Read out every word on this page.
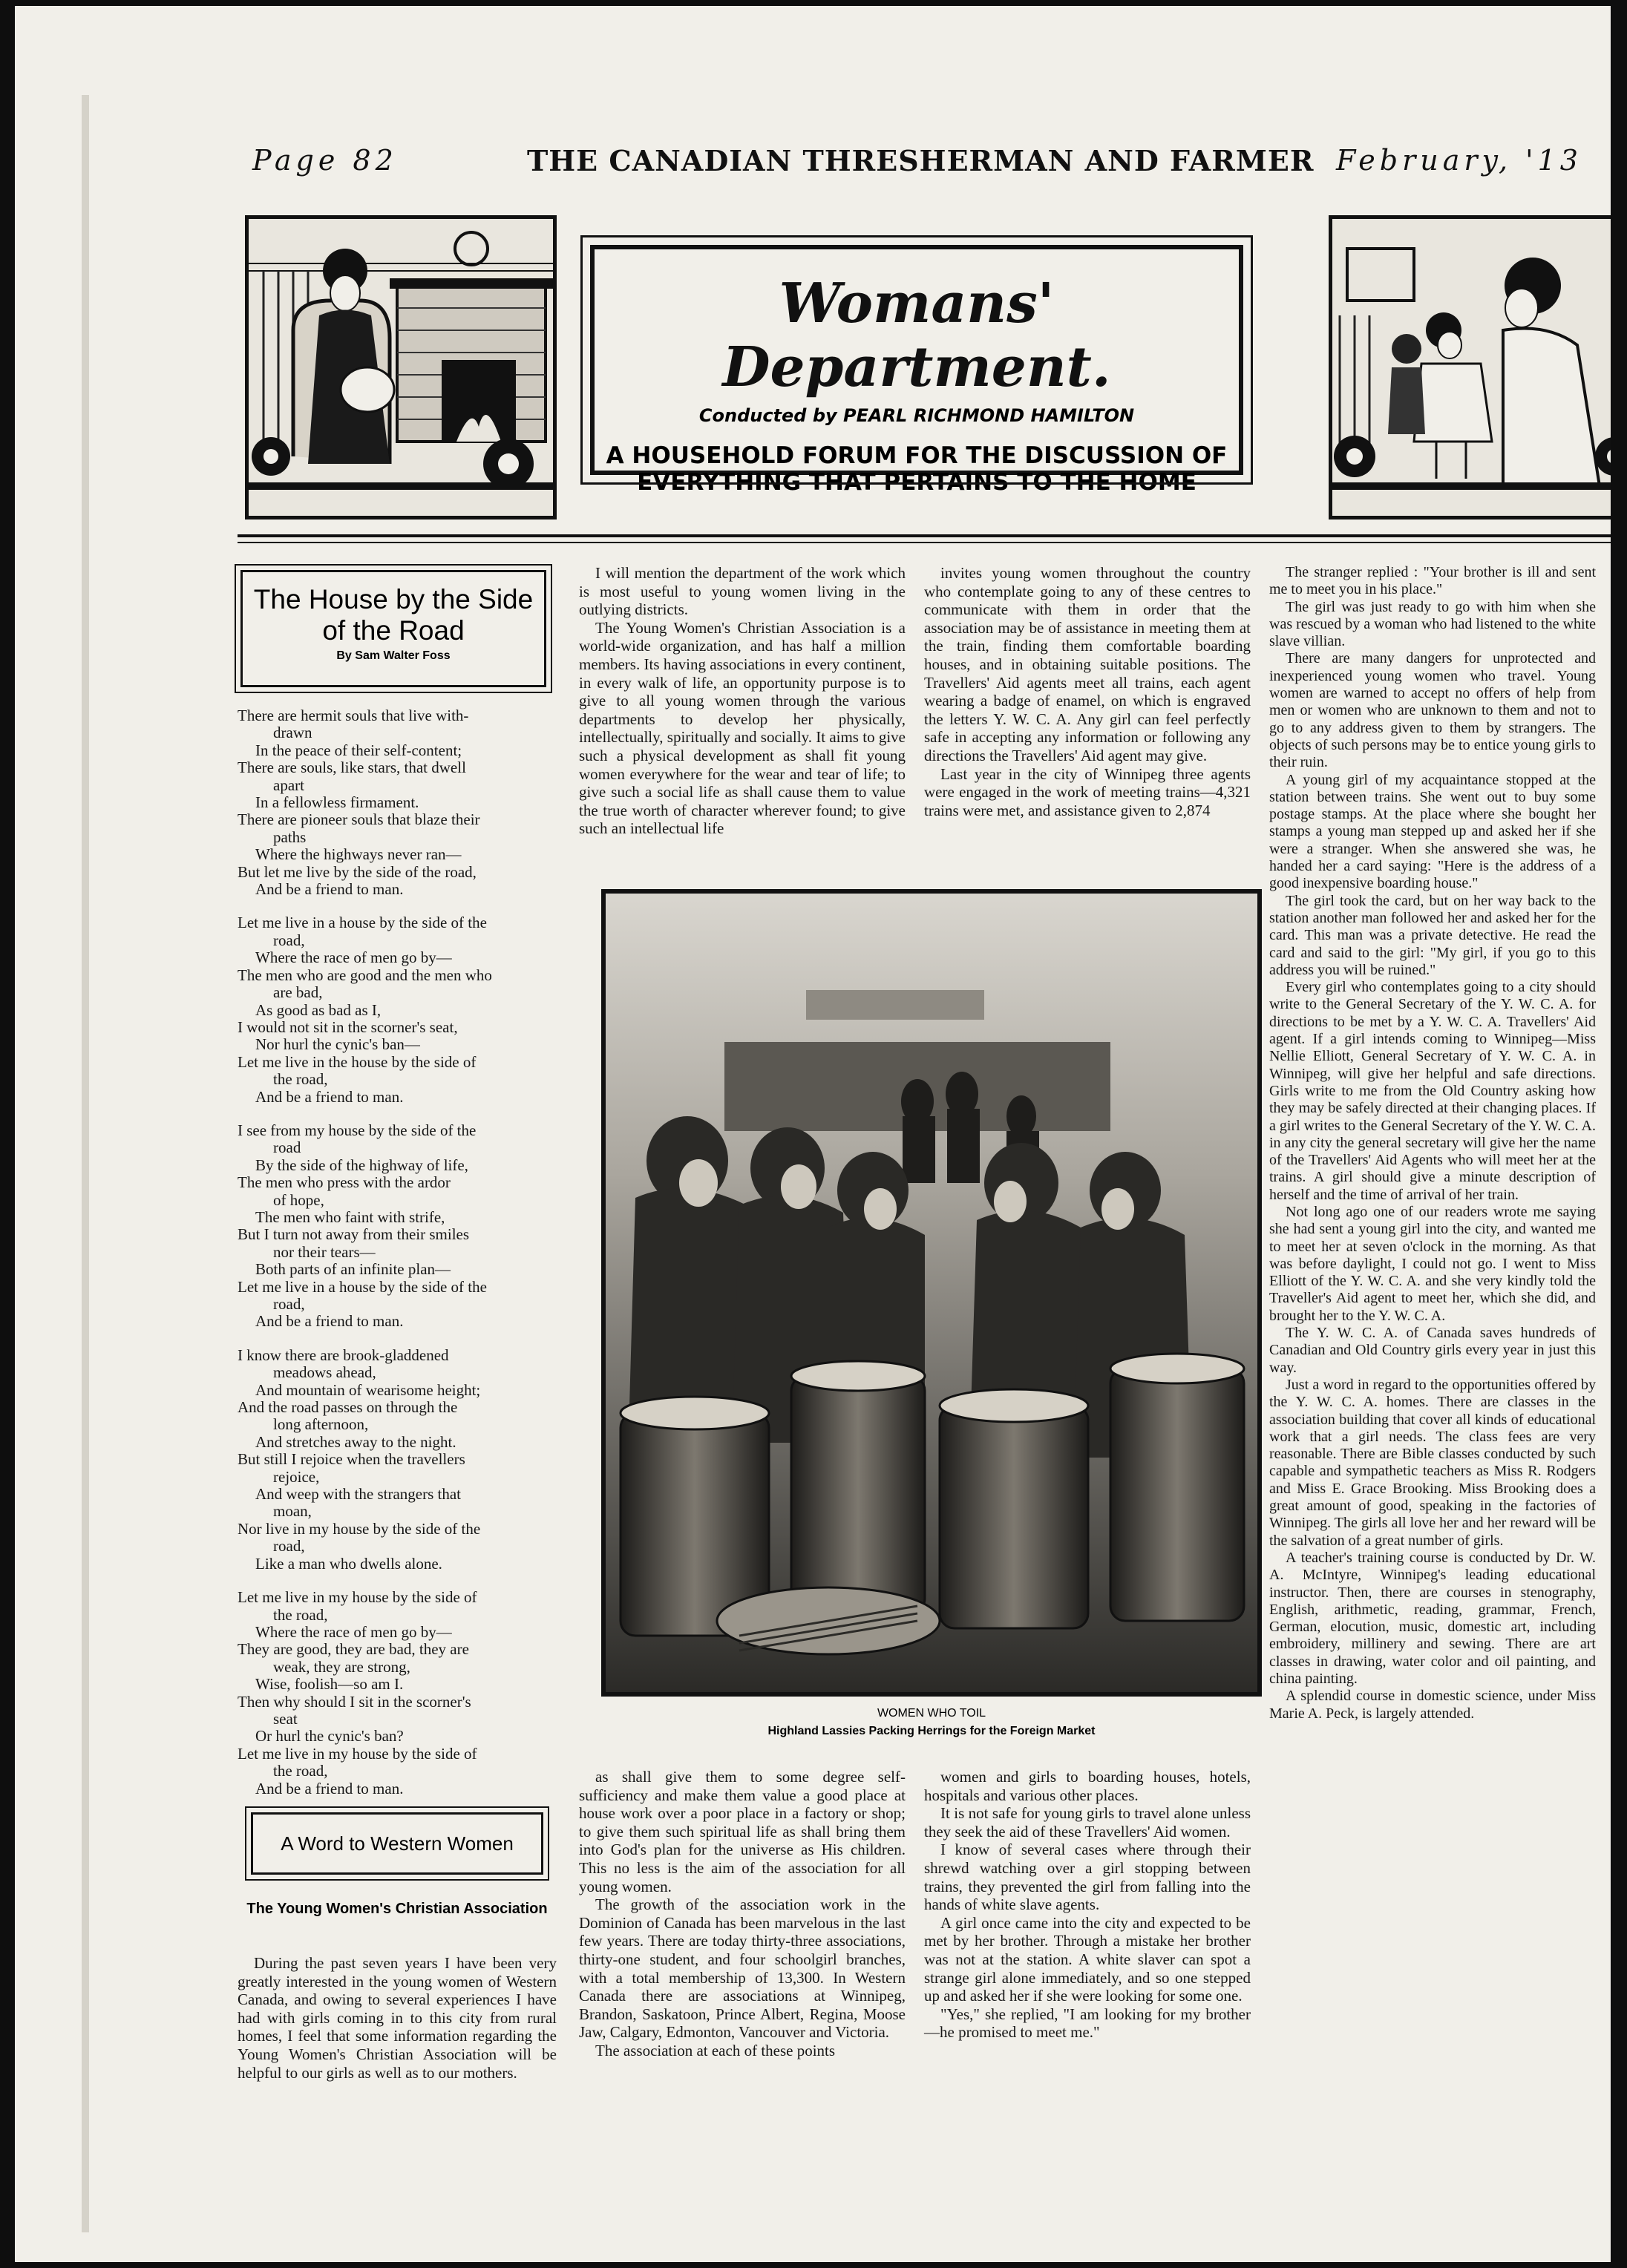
Page 82	THE CANADIAN THRESHERMAN AND FARMER February, '13
Womans' Department.
Conducted by PEARL RICHMOND HAMILTON
A HOUSEHOLD FORUM FOR THE DISCUSSION OF
EVERYTHING THAT PERTAINS TO THE HOME
The House by the Side of the Road
By Sam Walter Foss
There are hermit souls that live with-
drawn
In the peace of their self-content;
There are souls, like stars, that dwell
apart
In a fellowless firmament.
There are pioneer souls that blaze their
paths
Where the highways never ran—
But let me live by the side of the road,
And be a friend to man.
Let me live in a house by the side of the
road,
Where the race of men go by—
The men who are good and the men who
are bad,
As good as bad as I,
I would not sit in the scorner's seat,
Nor hurl the cynic's ban—
Let me live in the house by the side of
the road,
And be a friend to man.
I see from my house by the side of the
road
By the side of the highway of life,
The men who press with the ardor
of hope,
The men who faint with strife,
But I turn not away from their smiles
nor their tears—
Both parts of an infinite plan—
Let me live in a house by the side of the
road,
And be a friend to man.
I know there are brook-gladdened
meadows ahead,
And mountain of wearisome height;
And the road passes on through the
long afternoon,
And stretches away to the night.
But still I rejoice when the travellers
rejoice,
And weep with the strangers that
moan,
Nor live in my house by the side of the
road,
Like a man who dwells alone.
Let me live in my house by the side of
the road,
Where the race of men go by—
They are good, they are bad, they are
weak, they are strong,
Wise, foolish—so am I.
Then why should I sit in the scorner's
seat
Or hurl the cynic's ban?
Let me live in my house by the side of
the road,
And be a friend to man.
A Word to Western Women
The Young Women's Christian Association

During the past seven years I have been very greatly interested in the young women of Western Canada, and owing to several experiences I have had with girls coming in to this city from rural homes, I feel that some information regarding the Young Women's Christian Association will be helpful to our girls as well as to our mothers.

I will mention the department of the work which is most useful to young women living in the outlying districts.

The Young Women's Christian Association is a world-wide organization, and has half a million members. Its having associations in every continent, in every walk of life, an opportunity purpose is to give to all young women through the various departments to develop her physically, intellectually, spiritually and socially. It aims to give such a physical development as shall fit young women everywhere for the wear and tear of life; to give such a social life as shall cause them to value the true worth of character wherever found; to give such an intellectual life

invites young women throughout the country who contemplate going to any of these centres to communicate with them in order that the association may be of assistance in meeting them at the train, finding them comfortable boarding houses, and in obtaining suitable positions. The Travellers' Aid agents meet all trains, each agent wearing a badge of enamel, on which is engraved the letters Y. W. C. A. Any girl can feel perfectly safe in accepting any information or following any directions the Travellers' Aid agent may give.

Last year in the city of Winnipeg three agents were engaged in the work of meeting trains—4,321 trains were met, and assistance given to 2,874

WOMEN WHO TOIL
Highland Lassies Packing Herrings for the Foreign Market

as shall give them to some degree self-sufficiency and make them value a good place at house work over a poor place in a factory or shop; to give them such spiritual life as shall bring them into God's plan for the universe as His children. This no less is the aim of the association for all young women.

The growth of the association work in the Dominion of Canada has been marvelous in the last few years. There are today thirty-three associations, thirty-one student, and four schoolgirl branches, with a total membership of 13,300. In Western Canada there are associations at Winnipeg, Brandon, Saskatoon, Prince Albert, Regina, Moose Jaw, Calgary, Edmonton, Vancouver and Victoria.

The association at each of these points

women and girls to boarding houses, hotels, hospitals and various other places.

It is not safe for young girls to travel alone unless they seek the aid of these Travellers' Aid women.

I know of several cases where through their shrewd watching over a girl stopping between trains, they prevented the girl from falling into the hands of white slave agents.

A girl once came into the city and expected to be met by her brother. Through a mistake her brother was not at the station. A white slaver can spot a strange girl alone immediately, and so one stepped up and asked her if she were looking for some one.

"Yes," she replied, "I am looking for my brother—he promised to meet me."

The stranger replied : "Your brother is ill and sent me to meet you in his place."

The girl was just ready to go with him when she was rescued by a woman who had listened to the white slave villian.

There are many dangers for unprotected and inexperienced young women who travel. Young women are warned to accept no offers of help from men or women who are unknown to them and not to go to any address given to them by strangers. The objects of such persons may be to entice young girls to their ruin.

A young girl of my acquaintance stopped at the station between trains. She went out to buy some postage stamps. At the place where she bought her stamps a young man stepped up and asked her if she were a stranger. When she answered she was, he handed her a card saying: "Here is the address of a good inexpensive boarding house."

The girl took the card, but on her way back to the station another man followed her and asked her for the card. This man was a private detective. He read the card and said to the girl: "My girl, if you go to this address you will be ruined."

Every girl who contemplates going to a city should write to the General Secretary of the Y. W. C. A. for directions to be met by a Y. W. C. A. Travellers' Aid agent. If a girl intends coming to Winnipeg—Miss Nellie Elliott, General Secretary of Y. W. C. A. in Winnipeg, will give her helpful and safe directions. Girls write to me from the Old Country asking how they may be safely directed at their changing places. If a girl writes to the General Secretary of the Y. W. C. A. in any city the general secretary will give her the name of the Travellers' Aid Agents who will meet her at the trains. A girl should give a minute description of herself and the time of arrival of her train.

Not long ago one of our readers wrote me saying she had sent a young girl into the city, and wanted me to meet her at seven o'clock in the morning. As that was before daylight, I could not go. I went to Miss Elliott of the Y. W. C. A. and she very kindly told the Traveller's Aid agent to meet her, which she did, and brought her to the Y. W. C. A.

The Y. W. C. A. of Canada saves hundreds of Canadian and Old Country girls every year in just this way.

Just a word in regard to the opportunities offered by the Y. W. C. A. homes. There are classes in the association building that cover all kinds of educational work that a girl needs. The class fees are very reasonable. There are Bible classes conducted by such capable and sympathetic teachers as Miss R. Rodgers and Miss E. Grace Brooking. Miss Brooking does a great amount of good, speaking in the factories of Winnipeg. The girls all love her and her reward will be the salvation of a great number of girls.

A teacher's training course is conducted by Dr. W. A. McIntyre, Winnipeg's leading educational instructor. Then, there are courses in stenography, English, arithmetic, reading, grammar, French, German, elocution, music, domestic art, including embroidery, millinery and sewing. There are art classes in drawing, water color and oil painting, and china painting.

A splendid course in domestic science, under Miss Marie A. Peck, is largely attended.
